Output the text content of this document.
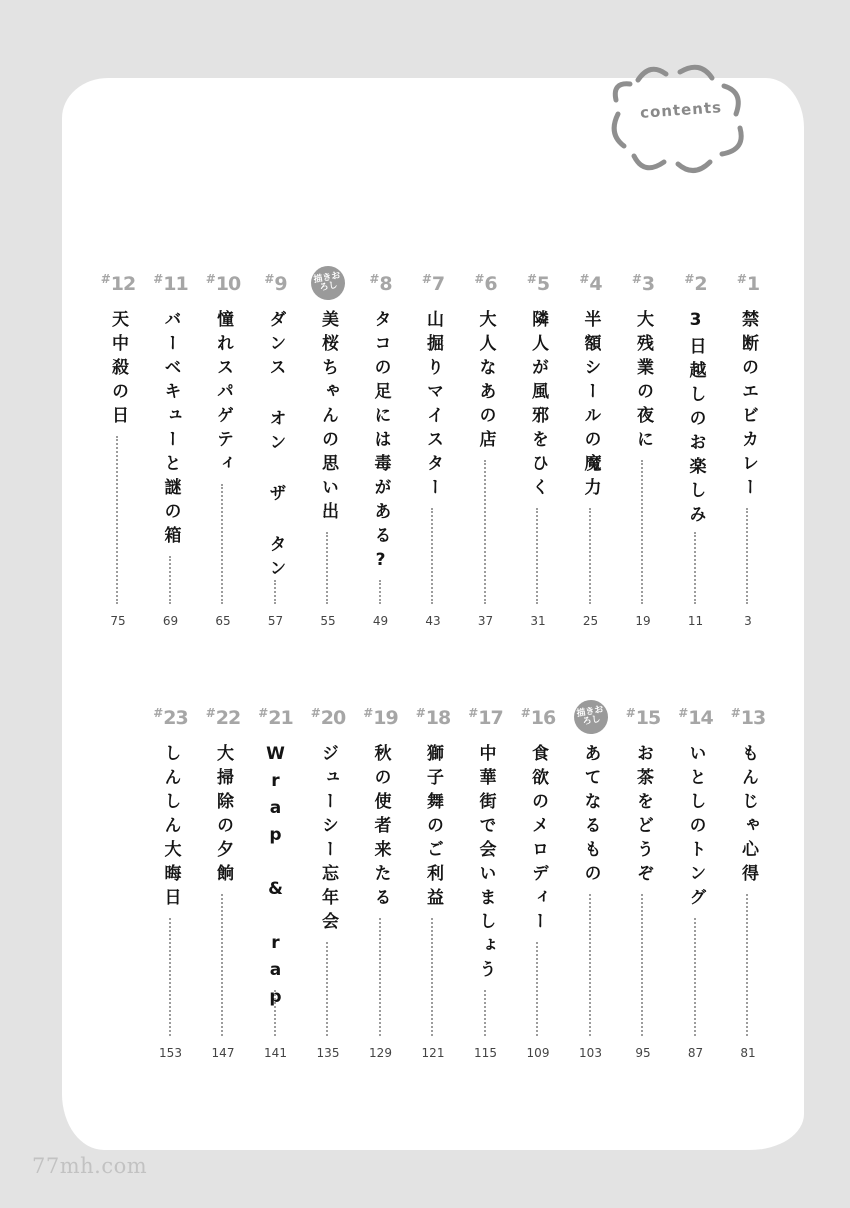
contents
#1
禁断のエビカレー
3
#2
3日越しのお楽しみ
11
#3
大残業の夜に
19
#4
半額シールの魔力
25
#5
隣人が風邪をひく
31
#6
大人なあの店
37
#7
山掘りマイスター
43
#8
タコの足には毒がある?
49
描きおろし
美桜ちゃんの思い出
55
#9
ダンス オン ザ タン
57
#10
憧れスパゲティ
65
#11
バーベキューと謎の箱
69
#12
天中殺の日
75
#13
もんじゃ心得
81
#14
いとしのトング
87
#15
お茶をどうぞ
95
描きおろし
あてなるもの
103
#16
食欲のメロディー
109
#17
中華街で会いましょう
115
#18
獅子舞のご利益
121
#19
秋の使者来たる
129
#20
ジューシー忘年会
135
#21
Wrap & rap
141
#22
大掃除の夕餉
147
#23
しんしん大晦日
153
77mh.com
